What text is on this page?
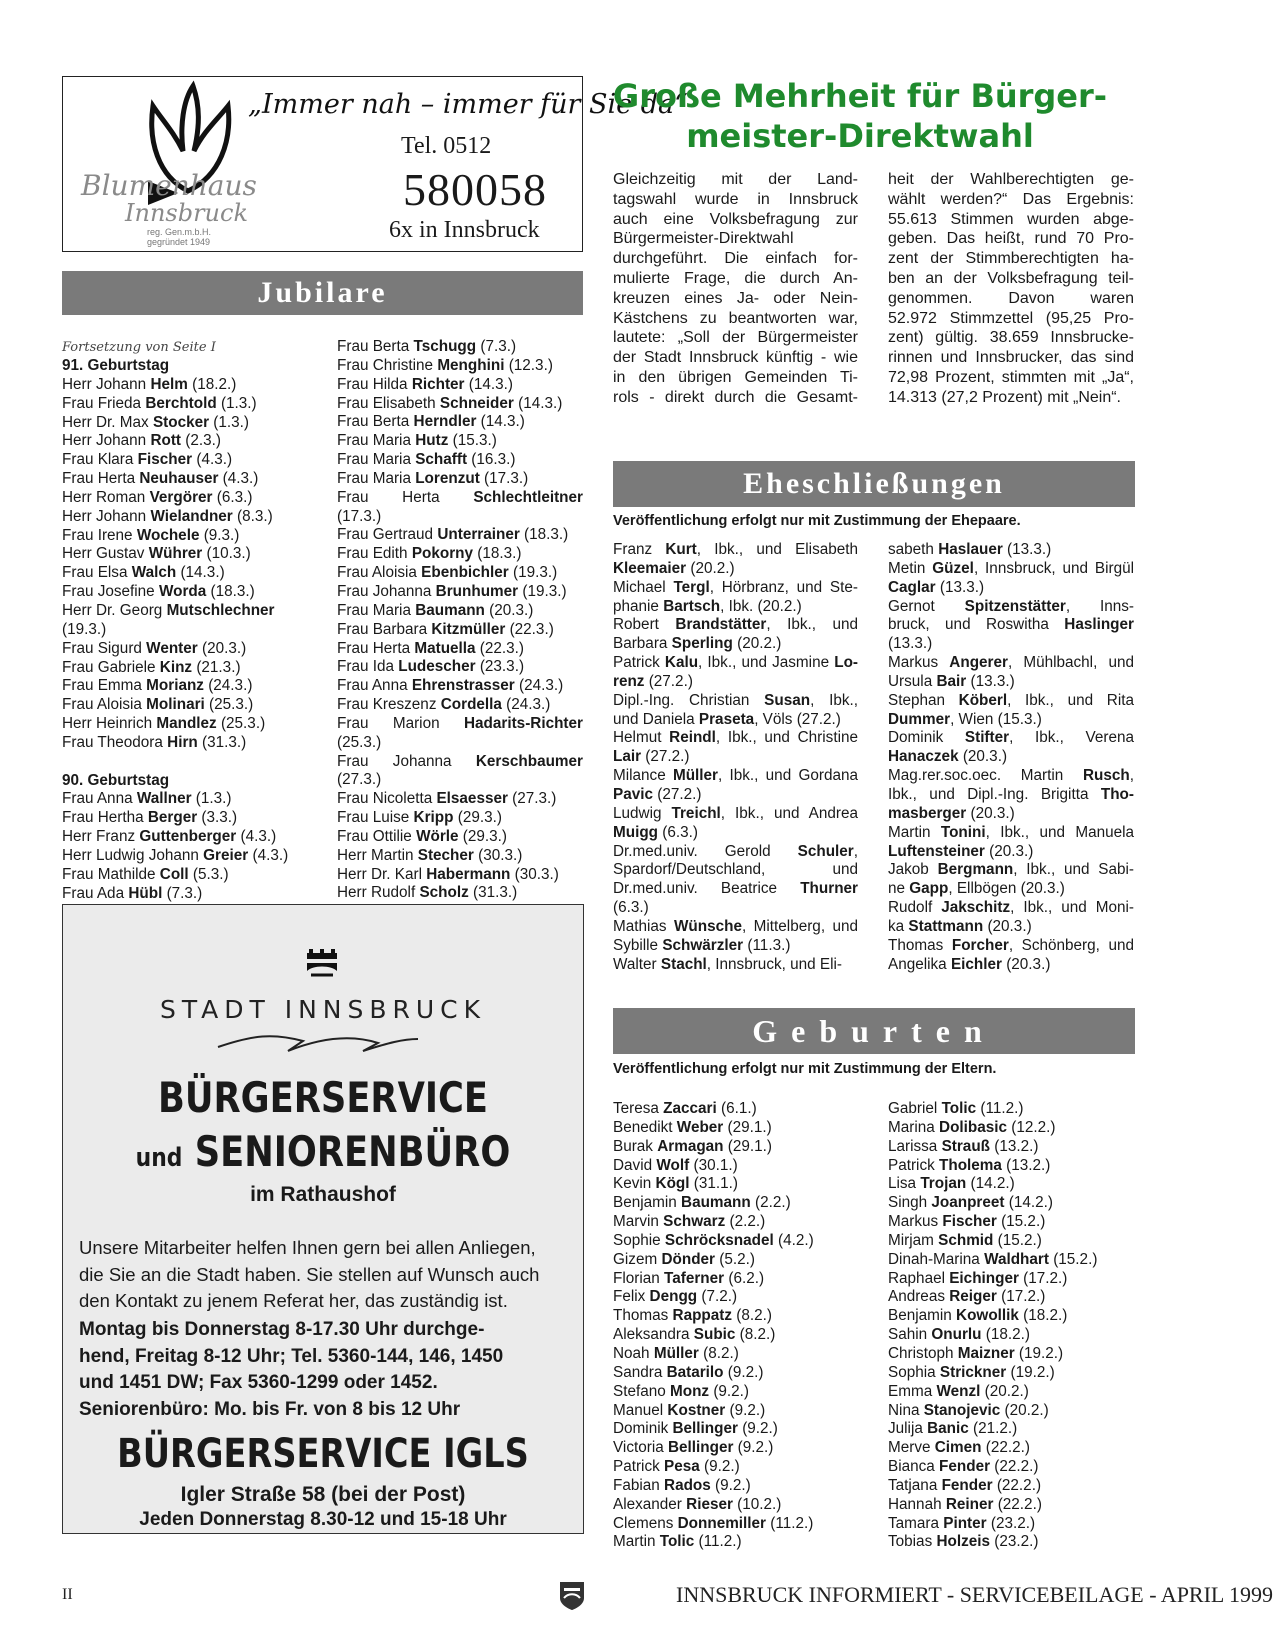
„Immer nah – immer für Sie da“
Tel. 0512
580058
6x in Innsbruck
Blumenhaus
Innsbruck
reg. Gen.m.b.H.
gegründet 1949
Jubilare
Fortsetzung von Seite I
91. Geburtstag
Herr Johann Helm (18.2.)
Frau Frieda Berchtold (1.3.)
Herr Dr. Max Stocker (1.3.)
Herr Johann Rott (2.3.)
Frau Klara Fischer (4.3.)
Frau Herta Neuhauser (4.3.)
Herr Roman Vergörer (6.3.)
Herr Johann Wielandner (8.3.)
Frau Irene Wochele (9.3.)
Herr Gustav Wührer (10.3.)
Frau Elsa Walch (14.3.)
Frau Josefine Worda (18.3.)
Herr Dr. Georg Mutschlechner
(19.3.)
Frau Sigurd Wenter (20.3.)
Frau Gabriele Kinz (21.3.)
Frau Emma Morianz (24.3.)
Frau Aloisia Molinari (25.3.)
Herr Heinrich Mandlez (25.3.)
Frau Theodora Hirn (31.3.)

90. Geburtstag
Frau Anna Wallner (1.3.)
Frau Hertha Berger (3.3.)
Herr Franz Guttenberger (4.3.)
Herr Ludwig Johann Greier (4.3.)
Frau Mathilde Coll (5.3.)
Frau Ada Hübl (7.3.)
Frau Berta Tschugg (7.3.)
Frau Christine Menghini (12.3.)
Frau Hilda Richter (14.3.)
Frau Elisabeth Schneider (14.3.)
Frau Berta Herndler (14.3.)
Frau Maria Hutz (15.3.)
Frau Maria Schafft (16.3.)
Frau Maria Lorenzut (17.3.)
Frau Herta Schlechtleitner
(17.3.)
Frau Gertraud Unterrainer (18.3.)
Frau Edith Pokorny (18.3.)
Frau Aloisia Ebenbichler (19.3.)
Frau Johanna Brunhumer (19.3.)
Frau Maria Baumann (20.3.)
Frau Barbara Kitzmüller (22.3.)
Frau Herta Matuella (22.3.)
Frau Ida Ludescher (23.3.)
Frau Anna Ehrenstrasser (24.3.)
Frau Kreszenz Cordella (24.3.)
Frau Marion Hadarits-Richter
(25.3.)
Frau Johanna Kerschbaumer
(27.3.)
Frau Nicoletta Elsaesser (27.3.)
Frau Luise Kripp (29.3.)
Frau Ottilie Wörle (29.3.)
Herr Martin Stecher (30.3.)
Herr Dr. Karl Habermann (30.3.)
Herr Rudolf Scholz (31.3.)
Große Mehrheit für Bürger-
meister-Direktwahl
Gleichzeitig mit der Land-
tagswahl wurde in Innsbruck
auch eine Volksbefragung zur
Bürgermeister-Direktwahl
durchgeführt. Die einfach for-
mulierte Frage, die durch An-
kreuzen eines Ja- oder Nein-
Kästchens zu beantworten war,
lautete: „Soll der Bürgermeister
der Stadt Innsbruck künftig - wie
in den übrigen Gemeinden Ti-
rols - direkt durch die Gesamt-
heit der Wahlberechtigten ge-
wählt werden?“ Das Ergebnis:
55.613 Stimmen wurden abge-
geben. Das heißt, rund 70 Pro-
zent der Stimmberechtigten ha-
ben an der Volksbefragung teil-
genommen. Davon waren
52.972 Stimmzettel (95,25 Pro-
zent) gültig. 38.659 Innsbrucke-
rinnen und Innsbrucker, das sind
72,98 Prozent, stimmten mit „Ja“,
14.313 (27,2 Prozent) mit „Nein“.
Eheschließungen
Veröffentlichung erfolgt nur mit Zustimmung der Ehepaare.
Franz Kurt, Ibk., und Elisabeth
Kleemaier (20.2.)
Michael Tergl, Hörbranz, und Ste-
phanie Bartsch, Ibk. (20.2.)
Robert Brandstätter, Ibk., und
Barbara Sperling (20.2.)
Patrick Kalu, Ibk., und Jasmine Lo-
renz (27.2.)
Dipl.-Ing. Christian Susan, Ibk.,
und Daniela Praseta, Völs (27.2.)
Helmut Reindl, Ibk., und Christine
Lair (27.2.)
Milance Müller, Ibk., und Gordana
Pavic (27.2.)
Ludwig Treichl, Ibk., und Andrea
Muigg (6.3.)
Dr.med.univ. Gerold Schuler,
Spardorf/Deutschland, und
Dr.med.univ. Beatrice Thurner
(6.3.)
Mathias Wünsche, Mittelberg, und
Sybille Schwärzler (11.3.)
Walter Stachl, Innsbruck, und Eli-
sabeth Haslauer (13.3.)
Metin Güzel, Innsbruck, und Birgül
Caglar (13.3.)
Gernot Spitzenstätter, Inns-
bruck, und Roswitha Haslinger
(13.3.)
Markus Angerer, Mühlbachl, und
Ursula Bair (13.3.)
Stephan Köberl, Ibk., und Rita
Dummer, Wien (15.3.)
Dominik Stifter, Ibk., Verena
Hanaczek (20.3.)
Mag.rer.soc.oec. Martin Rusch,
Ibk., und Dipl.-Ing. Brigitta Tho-
masberger (20.3.)
Martin Tonini, Ibk., und Manuela
Luftensteiner (20.3.)
Jakob Bergmann, Ibk., und Sabi-
ne Gapp, Ellbögen (20.3.)
Rudolf Jakschitz, Ibk., und Moni-
ka Stattmann (20.3.)
Thomas Forcher, Schönberg, und
Angelika Eichler (20.3.)
Geburten
Veröffentlichung erfolgt nur mit Zustimmung der Eltern.
Teresa Zaccari (6.1.)
Benedikt Weber (29.1.)
Burak Armagan (29.1.)
David Wolf (30.1.)
Kevin Kögl (31.1.)
Benjamin Baumann (2.2.)
Marvin Schwarz (2.2.)
Sophie Schröcksnadel (4.2.)
Gizem Dönder (5.2.)
Florian Taferner (6.2.)
Felix Dengg (7.2.)
Thomas Rappatz (8.2.)
Aleksandra Subic (8.2.)
Noah Müller (8.2.)
Sandra Batarilo (9.2.)
Stefano Monz (9.2.)
Manuel Kostner (9.2.)
Dominik Bellinger (9.2.)
Victoria Bellinger (9.2.)
Patrick Pesa (9.2.)
Fabian Rados (9.2.)
Alexander Rieser (10.2.)
Clemens Donnemiller (11.2.)
Martin Tolic (11.2.)
Gabriel Tolic (11.2.)
Marina Dolibasic (12.2.)
Larissa Strauß (13.2.)
Patrick Tholema (13.2.)
Lisa Trojan (14.2.)
Singh Joanpreet (14.2.)
Markus Fischer (15.2.)
Mirjam Schmid (15.2.)
Dinah-Marina Waldhart (15.2.)
Raphael Eichinger (17.2.)
Andreas Reiger (17.2.)
Benjamin Kowollik (18.2.)
Sahin Onurlu (18.2.)
Christoph Maizner (19.2.)
Sophia Strickner (19.2.)
Emma Wenzl (20.2.)
Nina Stanojevic (20.2.)
Julija Banic (21.2.)
Merve Cimen (22.2.)
Bianca Fender (22.2.)
Tatjana Fender (22.2.)
Hannah Reiner (22.2.)
Tamara Pinter (23.2.)
Tobias Holzeis (23.2.)
STADT INNSBRUCK
BÜRGERSERVICE
und SENIORENBÜRO
im Rathaushof
Unsere Mitarbeiter helfen Ihnen gern bei allen Anliegen,
die Sie an die Stadt haben. Sie stellen auf Wunsch auch
den Kontakt zu jenem Referat her, das zuständig ist.
Montag bis Donnerstag 8-17.30 Uhr durchge-
hend, Freitag 8-12 Uhr; Tel. 5360-144, 146, 1450
und 1451 DW; Fax 5360-1299 oder 1452.
Seniorenbüro: Mo. bis Fr. von 8 bis 12 Uhr
BÜRGERSERVICE IGLS
Igler Straße 58 (bei der Post)
Jeden Donnerstag 8.30-12 und 15-18 Uhr
II	INNSBRUCK INFORMIERT - SERVICEBEILAGE - APRIL 1999
